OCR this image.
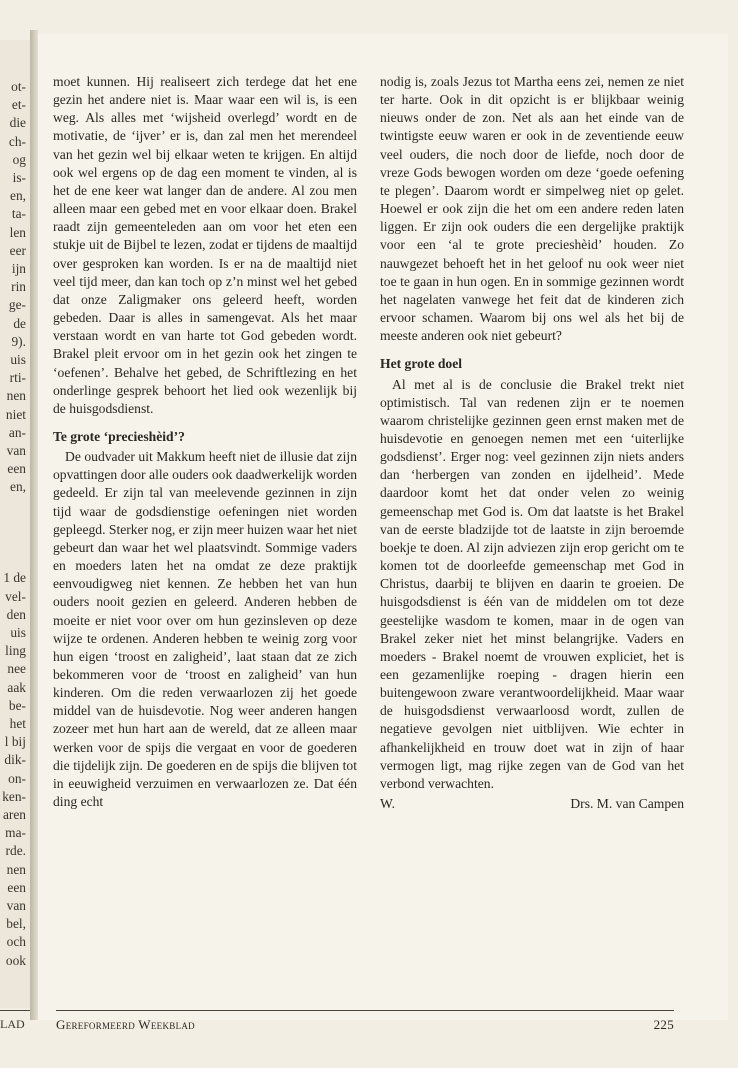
ot-
et-
die
ch-
og
is-
en,
ta-
len
eer
ijn
rin
ge-
de
9).
uis
rti-
nen
niet
an-
van
een
en,
1 de
vel-
den
uis
ling
nee
aak
be-
het
l bij
dik-
on-
ken-
aren
ma-
rde.
nen
een
van
bel,
och
ook
LAD

moet kunnen. Hij realiseert zich terdege dat het ene gezin het andere niet is. Maar waar een wil is, is een weg. Als alles met ‘wijsheid overlegd’ wordt en de motivatie, de ‘ijver’ er is, dan zal men het merendeel van het gezin wel bij elkaar weten te krijgen. En altijd ook wel ergens op de dag een moment te vinden, al is het de ene keer wat langer dan de andere. Al zou men alleen maar een gebed met en voor elkaar doen. Brakel raadt zijn gemeenteleden aan om voor het eten een stukje uit de Bijbel te lezen, zodat er tijdens de maaltijd over gesproken kan worden. Is er na de maaltijd niet veel tijd meer, dan kan toch op z’n minst wel het gebed dat onze Zaligmaker ons geleerd heeft, worden gebeden. Daar is alles in samengevat. Als het maar verstaan wordt en van harte tot God gebeden wordt. Brakel pleit ervoor om in het gezin ook het zingen te ‘oefenen’. Behalve het gebed, de Schriftlezing en het onderlinge gesprek behoort het lied ook wezenlijk bij de huisgodsdienst.

Te grote ‘precieshèid’?

De oudvader uit Makkum heeft niet de illusie dat zijn opvattingen door alle ouders ook daadwerkelijk worden gedeeld. Er zijn tal van meelevende gezinnen in zijn tijd waar de godsdienstige oefeningen niet worden gepleegd. Sterker nog, er zijn meer huizen waar het niet gebeurt dan waar het wel plaatsvindt. Sommige vaders en moeders laten het na omdat ze deze praktijk eenvoudigweg niet kennen. Ze hebben het van hun ouders nooit gezien en geleerd. Anderen hebben de moeite er niet voor over om hun gezinsleven op deze wijze te ordenen. Anderen hebben te weinig zorg voor hun eigen ‘troost en zaligheid’, laat staan dat ze zich bekommeren voor de ‘troost en zaligheid’ van hun kinderen. Om die reden verwaarlozen zij het goede middel van de huisdevotie. Nog weer anderen hangen zozeer met hun hart aan de wereld, dat ze alleen maar werken voor de spijs die vergaat en voor de goederen die tijdelijk zijn. De goederen en de spijs die blijven tot in eeuwigheid verzuimen en verwaarlozen ze. Dat één ding echt

nodig is, zoals Jezus tot Martha eens zei, nemen ze niet ter harte. Ook in dit opzicht is er blijkbaar weinig nieuws onder de zon. Net als aan het einde van de twintigste eeuw waren er ook in de zeventiende eeuw veel ouders, die noch door de liefde, noch door de vreze Gods bewogen worden om deze ‘goede oefening te plegen’. Daarom wordt er simpelweg niet op gelet. Hoewel er ook zijn die het om een andere reden laten liggen. Er zijn ook ouders die een dergelijke praktijk voor een ‘al te grote precieshèid’ houden. Zo nauwgezet behoeft het in het geloof nu ook weer niet toe te gaan in hun ogen. En in sommige gezinnen wordt het nagelaten vanwege het feit dat de kinderen zich ervoor schamen. Waarom bij ons wel als het bij de meeste anderen ook niet gebeurt?

Het grote doel

Al met al is de conclusie die Brakel trekt niet optimistisch. Tal van redenen zijn er te noemen waarom christelijke gezinnen geen ernst maken met de huisdevotie en genoegen nemen met een ‘uiterlijke godsdienst’. Erger nog: veel gezinnen zijn niets anders dan ‘herbergen van zonden en ijdelheid’. Mede daardoor komt het dat onder velen zo weinig gemeenschap met God is. Om dat laatste is het Brakel van de eerste bladzijde tot de laatste in zijn beroemde boekje te doen. Al zijn adviezen zijn erop gericht om te komen tot de doorleefde gemeenschap met God in Christus, daarbij te blijven en daarin te groeien. De huisgodsdienst is één van de middelen om tot deze geestelijke wasdom te komen, maar in de ogen van Brakel zeker niet het minst belangrijke. Vaders en moeders - Brakel noemt de vrouwen expliciet, het is een gezamenlijke roeping - dragen hierin een buitengewoon zware verantwoordelijkheid. Maar waar de huisgodsdienst verwaarloosd wordt, zullen de negatieve gevolgen niet uitblijven. Wie echter in afhankelijkheid en trouw doet wat in zijn of haar vermogen ligt, mag rijke zegen van de God van het verbond verwachten.

W.	Drs. M. van Campen
Gereformeerd Weekblad	225
